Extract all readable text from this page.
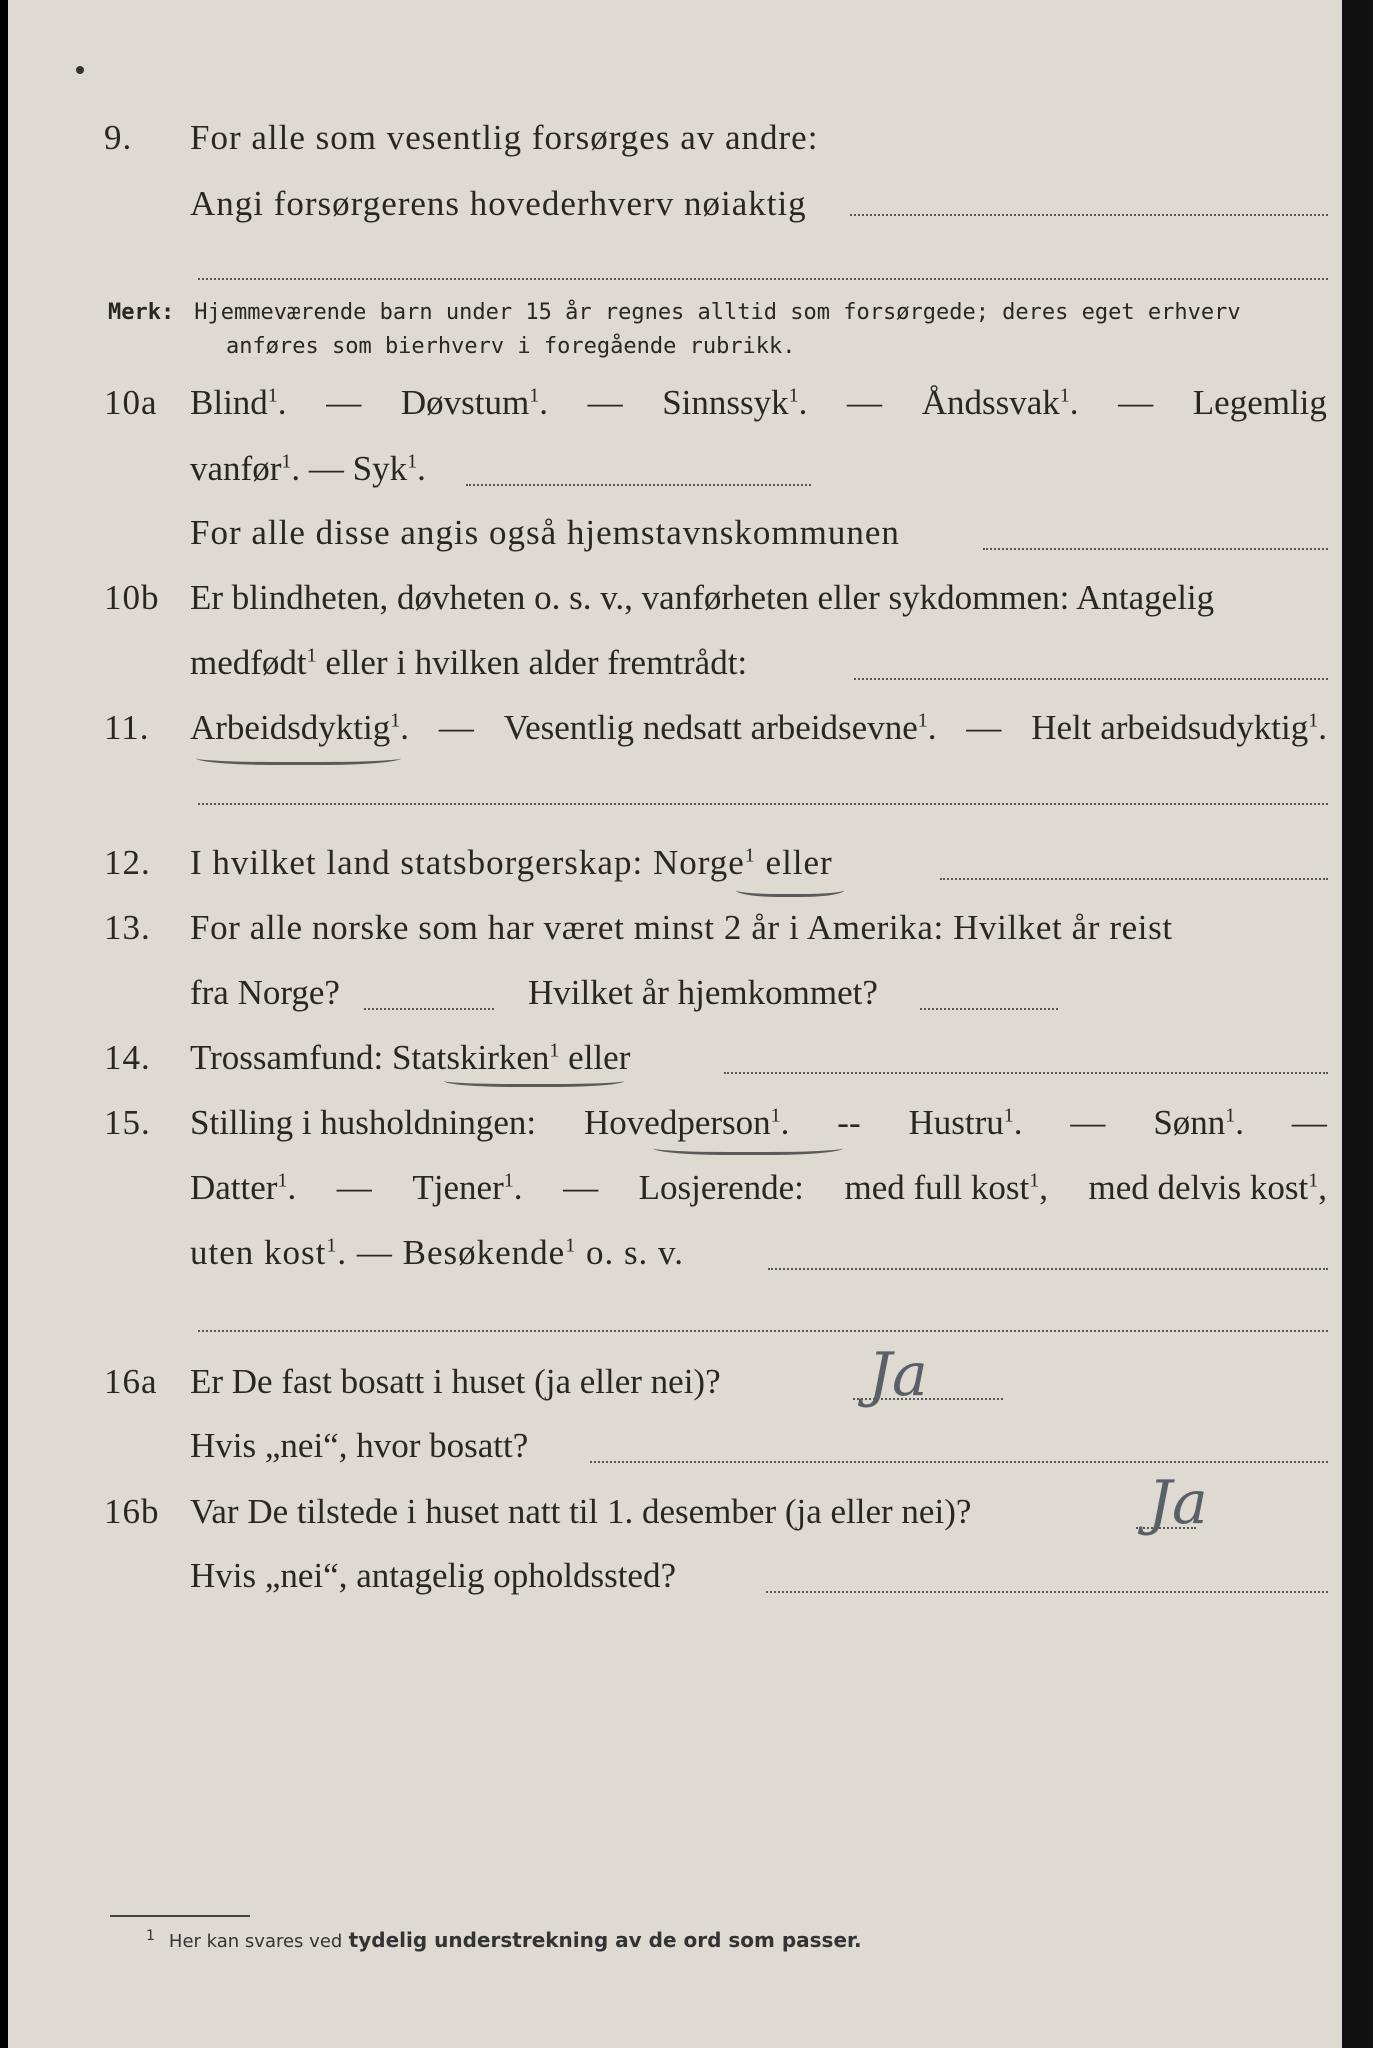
9. For alle som vesentlig forsørges av andre:
Angi forsørgerens hovederhverv nøiaktig
Merk: Hjemmeværende barn under 15 år regnes alltid som forsørgede; deres eget erhverv
anføres som bierhverv i foregående rubrikk.
10a Blind$^1$. — Døvstum$^1$. — Sinnssyk$^1$. — Åndssvak$^1$. — Legemlig
vanfør$^1$. — Syk$^1$.
For alle disse angis også hjemstavnskommunen
10b Er blindheten, døvheten o. s. v., vanførheten eller sykdommen: Antagelig
medfødt$^1$ eller i hvilken alder fremtrådt:
11. Arbeidsdyktig$^1$. — Vesentlig nedsatt arbeidsevne$^1$. — Helt arbeidsudyktig$^1$.
12. I hvilket land statsborgerskap: Norge$^1$ eller
13. For alle norske som har været minst 2 år i Amerika: Hvilket år reist
fra Norge?	Hvilket år hjemkommet?
14. Trossamfund: Statskirken$^1$ eller
15. Stilling i husholdningen: Hovedperson$^1$. -- Hustru$^1$. — Sønn$^1$. —
Datter$^1$. — Tjener$^1$. — Losjerende: med full kost$^1$, med delvis kost$^1$,
uten kost$^1$. — Besøkende$^1$ o. s. v.
16a Er De fast bosatt i huset (ja eller nei)? Ja
Hvis „nei“, hvor bosatt?
16b Var De tilstede i huset natt til 1. desember (ja eller nei)?	Ja
Hvis „nei“, antagelig opholdssted?
$^1$ Her kan svares ved tydelig understrekning av de ord som passer.
